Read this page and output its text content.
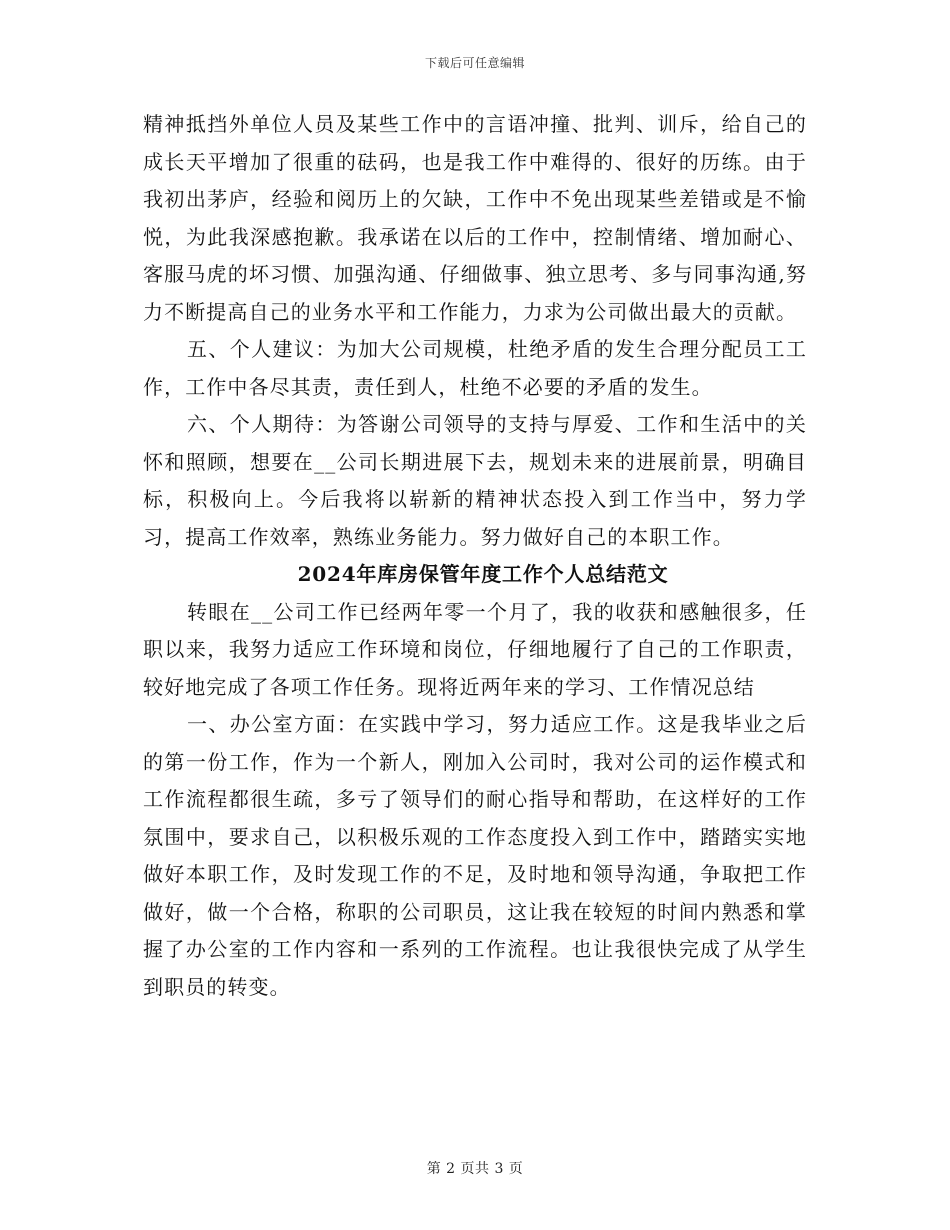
下载后可任意编辑

精神抵挡外单位人员及某些工作中的言语冲撞、批判、训斥，给自己的成长天平增加了很重的砝码，也是我工作中难得的、很好的历练。由于我初出茅庐，经验和阅历上的欠缺，工作中不免出现某些差错或是不愉悦，为此我深感抱歉。我承诺在以后的工作中，控制情绪、增加耐心、客服马虎的坏习惯、加强沟通、仔细做事、独立思考、多与同事沟通,努力不断提高自己的业务水平和工作能力，力求为公司做出最大的贡献。

五、个人建议：为加大公司规模，杜绝矛盾的发生合理分配员工工作，工作中各尽其责，责任到人，杜绝不必要的矛盾的发生。

六、个人期待：为答谢公司领导的支持与厚爱、工作和生活中的关怀和照顾，想要在__公司长期进展下去，规划未来的进展前景，明确目标，积极向上。今后我将以崭新的精神状态投入到工作当中，努力学习，提高工作效率，熟练业务能力。努力做好自己的本职工作。

2024年库房保管年度工作个人总结范文

转眼在__公司工作已经两年零一个月了，我的收获和感触很多，任职以来，我努力适应工作环境和岗位，仔细地履行了自己的工作职责，较好地完成了各项工作任务。现将近两年来的学习、工作情况总结

一、办公室方面：在实践中学习，努力适应工作。这是我毕业之后的第一份工作，作为一个新人，刚加入公司时，我对公司的运作模式和工作流程都很生疏，多亏了领导们的耐心指导和帮助，在这样好的工作氛围中，要求自己，以积极乐观的工作态度投入到工作中，踏踏实实地做好本职工作，及时发现工作的不足，及时地和领导沟通，争取把工作做好，做一个合格，称职的公司职员，这让我在较短的时间内熟悉和掌握了办公室的工作内容和一系列的工作流程。也让我很快完成了从学生到职员的转变。

第 2 页共 3 页
